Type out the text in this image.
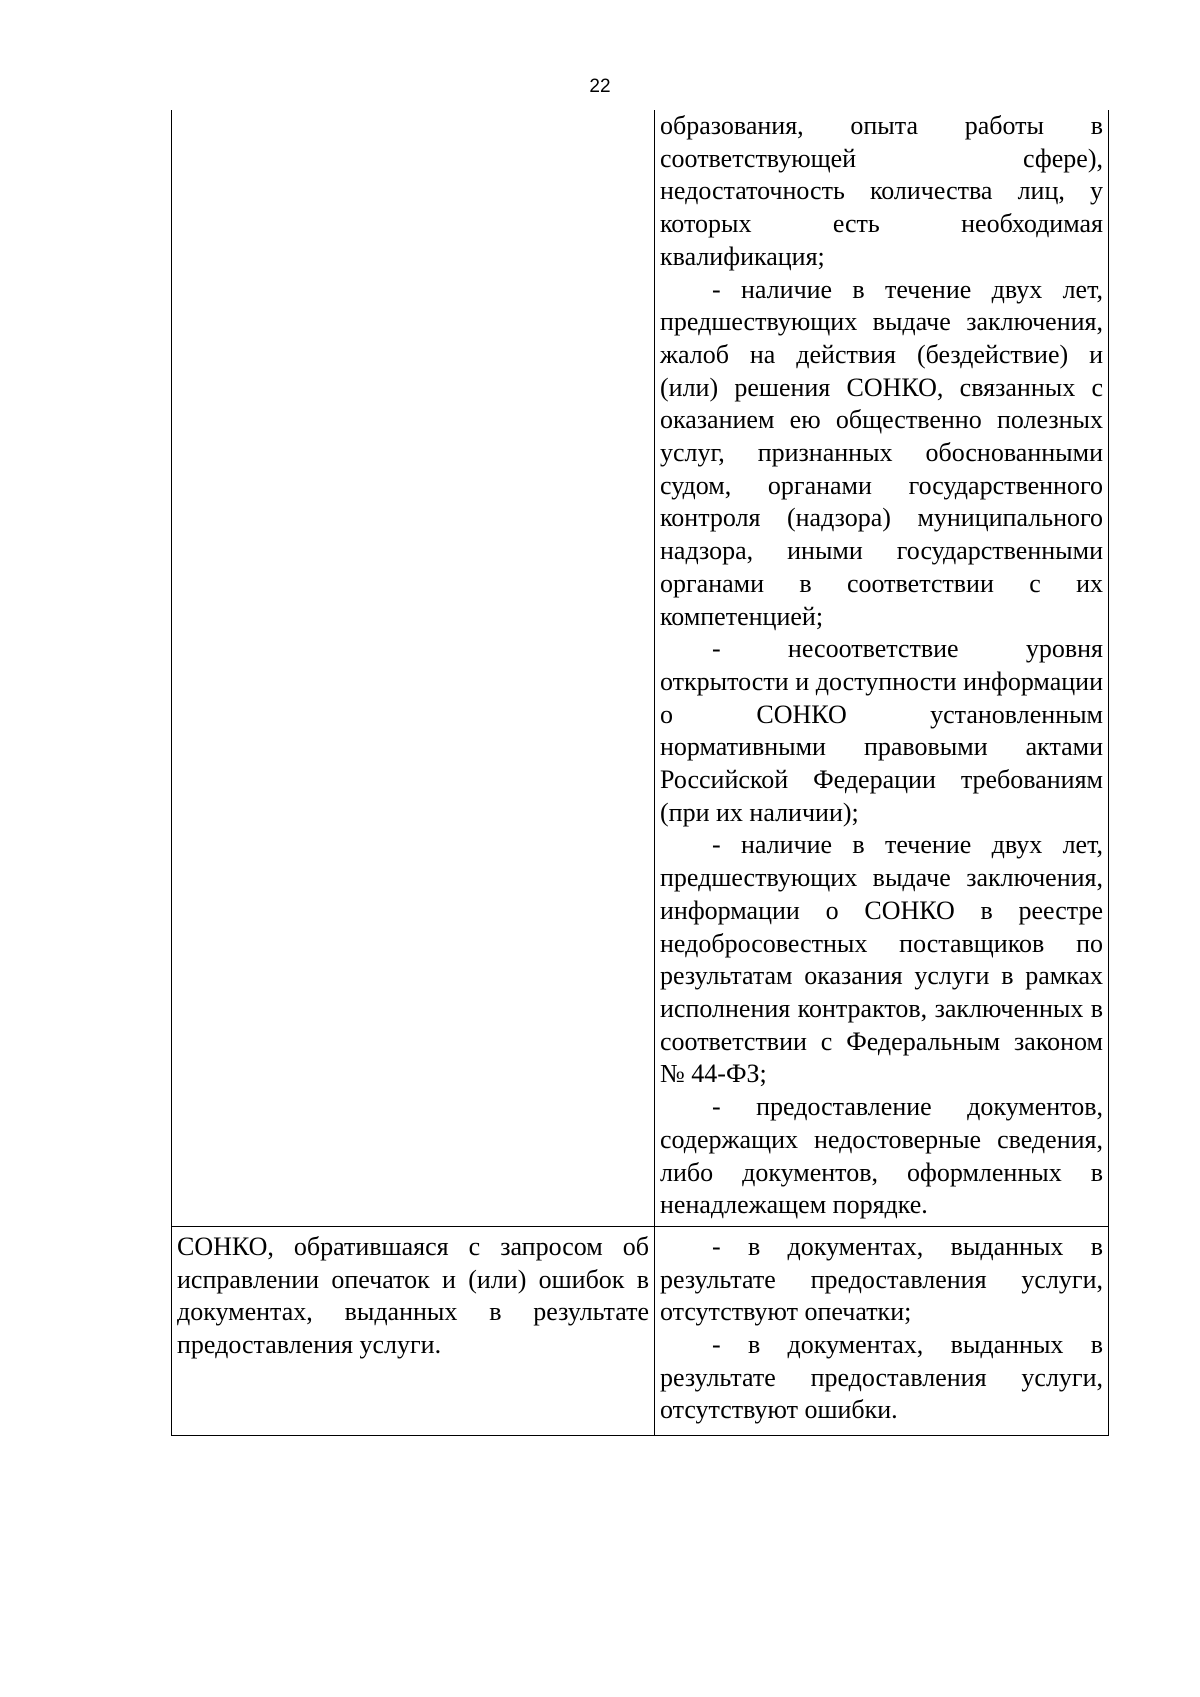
22

	образования, опыта работы в соответствующей сфере), недостаточность количества лиц, у которых есть необходимая квалификация;

- наличие в течение двух лет, предшествующих выдаче заключения, жалоб на действия (бездействие) и (или) решения СОНКО, связанных с оказанием ею общественно полезных услуг, признанных обоснованными судом, органами государственного контроля (надзора) муниципального надзора, иными государственными органами в соответствии с их компетенцией;

- несоответствие уровня открытости и доступности информации о СОНКО установленным нормативными правовыми актами Российской Федерации требованиям (при их наличии);

- наличие в течение двух лет, предшествующих выдаче заключения, информации о СОНКО в реестре недобросовестных поставщиков по результатам оказания услуги в рамках исполнения контрактов, заключенных в соответствии с Федеральным законом № 44-ФЗ;

- предоставление документов, содержащих недостоверные сведения, либо документов, оформленных в ненадлежащем порядке.

СОНКО, обратившаяся с запросом об исправлении опечаток и (или) ошибок в документах, выданных в результате предоставления услуги.	- в документах, выданных в результате предоставления услуги, отсутствуют опечатки;

- в документах, выданных в результате предоставления услуги, отсутствуют ошибки.
